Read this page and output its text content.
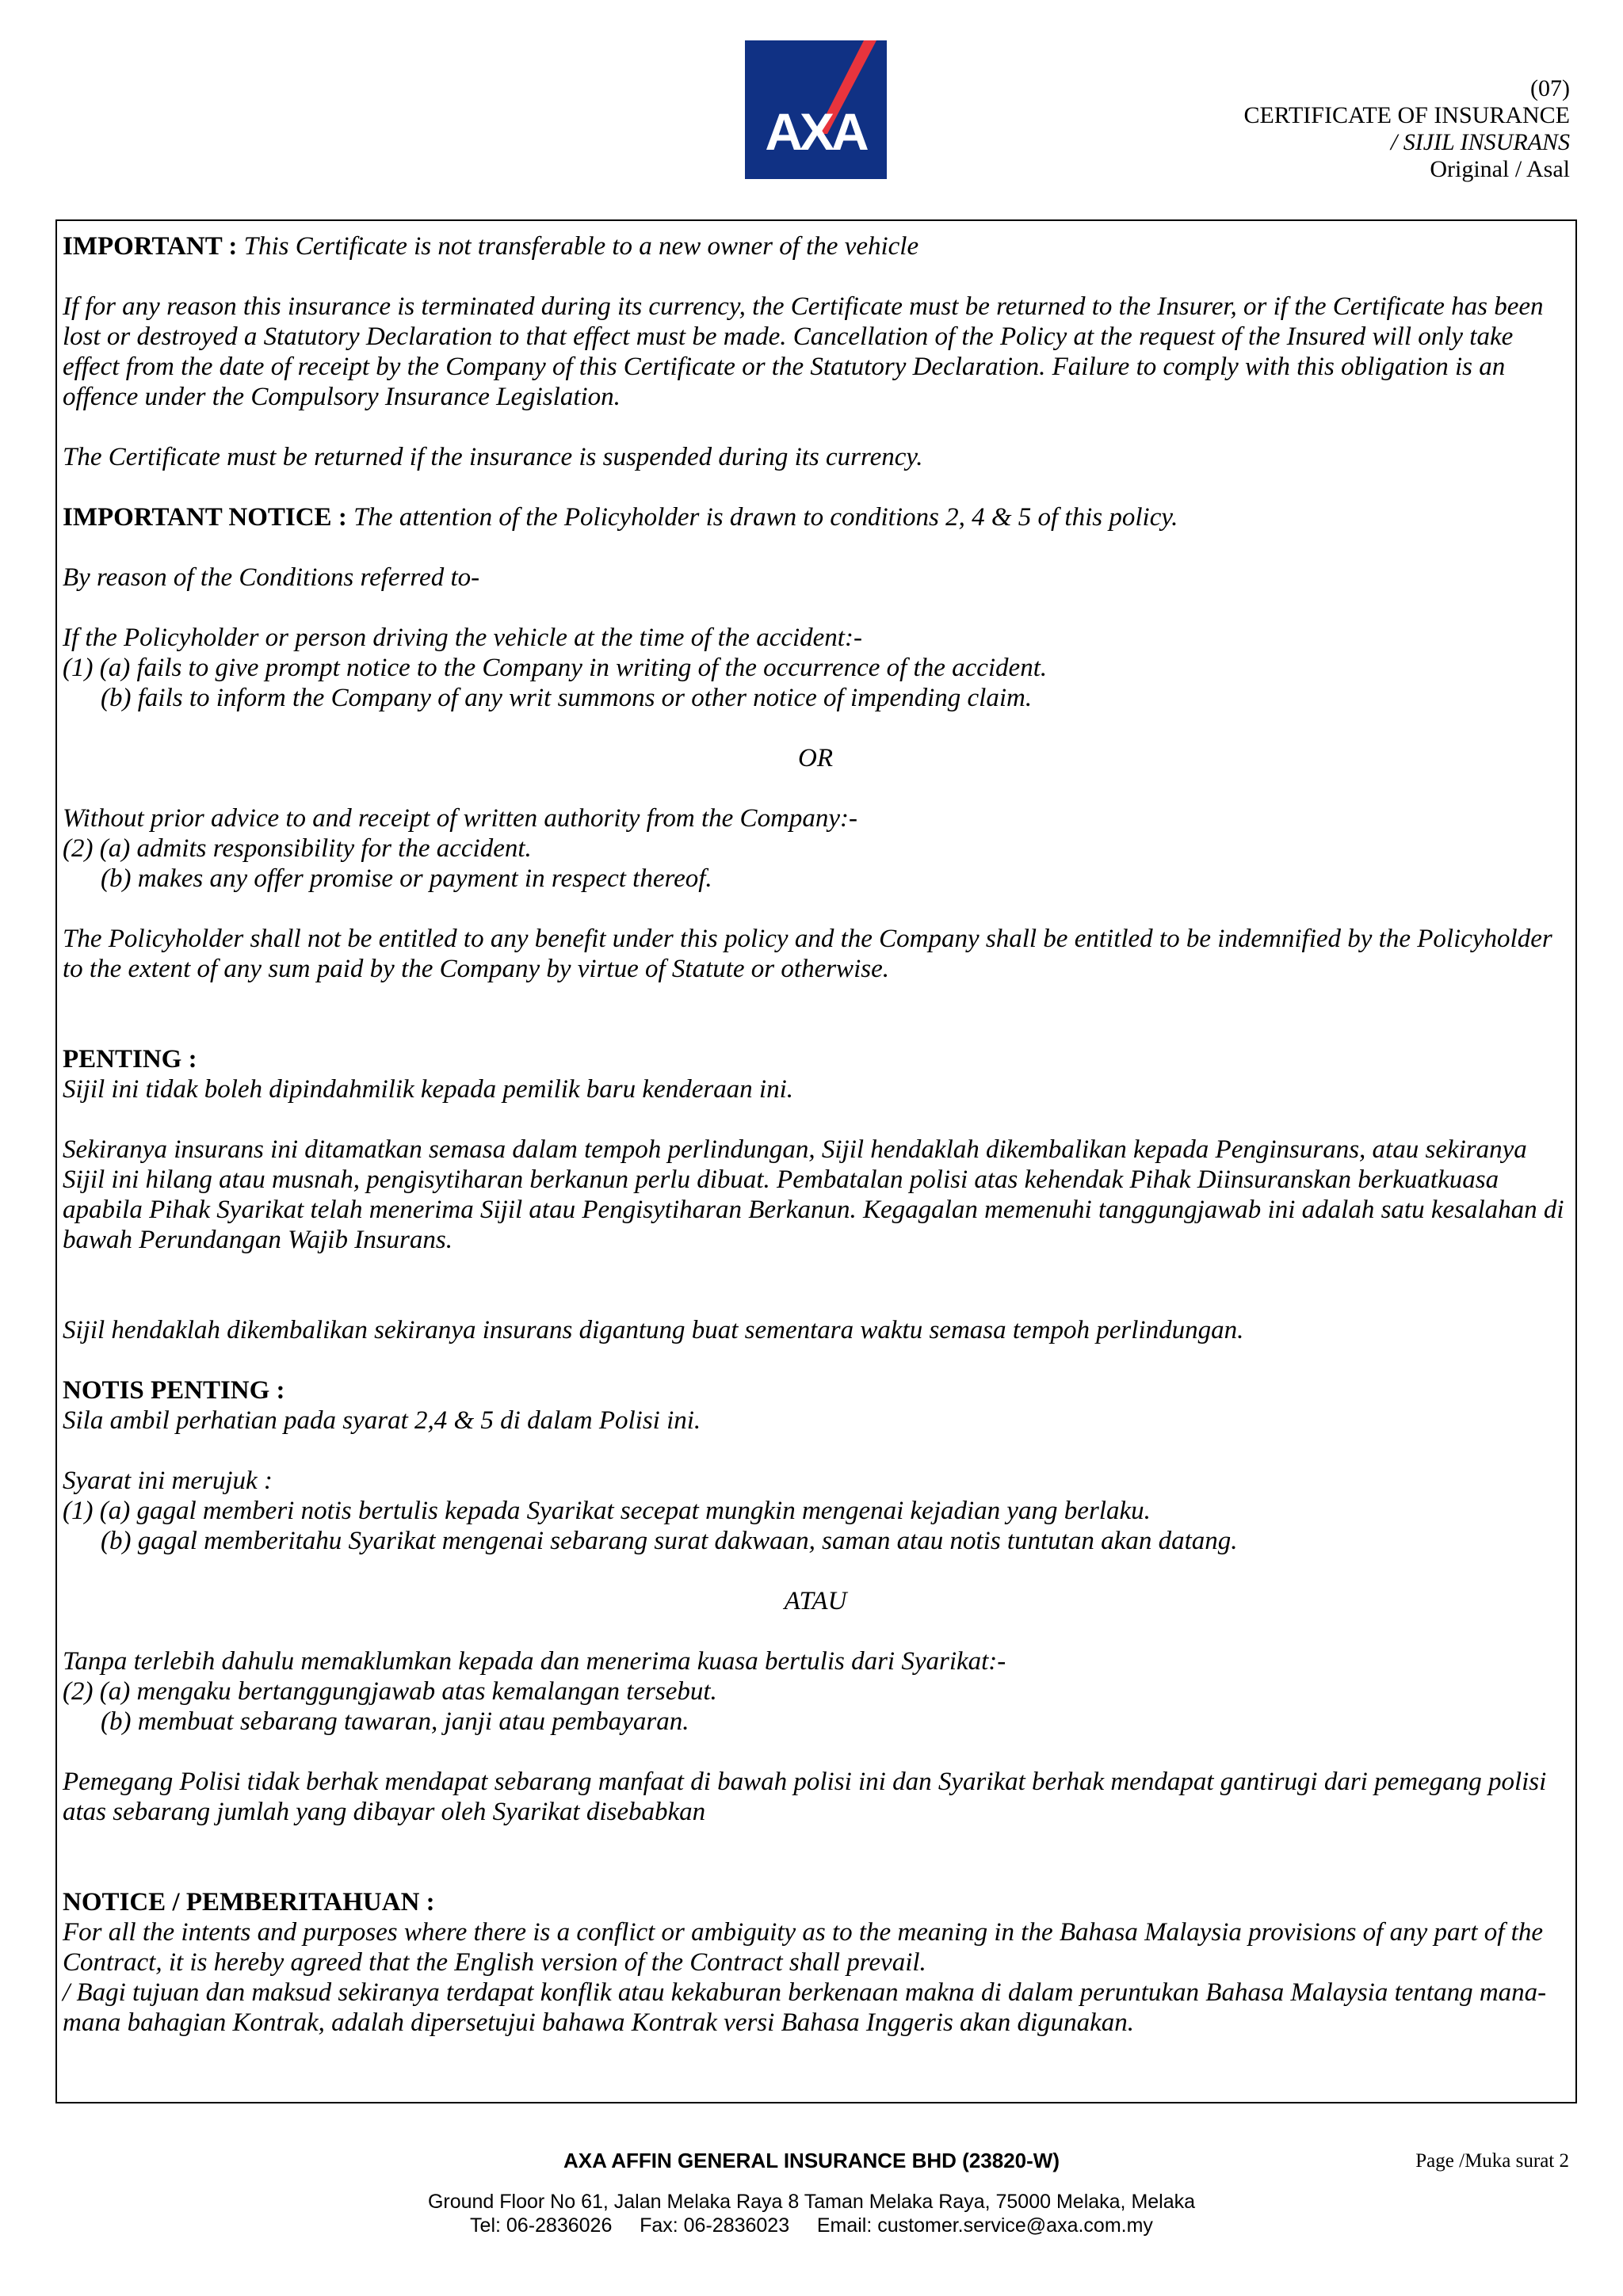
AXA
(07)
CERTIFICATE OF INSURANCE
/ SIJIL INSURANS
Original / Asal

IMPORTANT : This Certificate is not transferable to a new owner of the vehicle

If for any reason this insurance is terminated during its currency, the Certificate must be returned to the Insurer, or if the Certificate has been lost or destroyed a Statutory Declaration to that effect must be made. Cancellation of the Policy at the request of the Insured will only take effect from the date of receipt by the Company of this Certificate or the Statutory Declaration. Failure to comply with this obligation is an offence under the Compulsory Insurance Legislation.

The Certificate must be returned if the insurance is suspended during its currency.

IMPORTANT NOTICE : The attention of the Policyholder is drawn to conditions 2, 4 & 5 of this policy.

By reason of the Conditions referred to-

If the Policyholder or person driving the vehicle at the time of the accident:-

(1) (a) fails to give prompt notice to the Company in writing of the occurrence of the accident.

(b) fails to inform the Company of any writ summons or other notice of impending claim.

OR

Without prior advice to and receipt of written authority from the Company:-

(2) (a) admits responsibility for the accident.

(b) makes any offer promise or payment in respect thereof.

The Policyholder shall not be entitled to any benefit under this policy and the Company shall be entitled to be indemnified by the Policyholder to the extent of any sum paid by the Company by virtue of Statute or otherwise.

PENTING :

Sijil ini tidak boleh dipindahmilik kepada pemilik baru kenderaan ini.

Sekiranya insurans ini ditamatkan semasa dalam tempoh perlindungan, Sijil hendaklah dikembalikan kepada Penginsurans, atau sekiranya Sijil ini hilang atau musnah, pengisytiharan berkanun perlu dibuat. Pembatalan polisi atas kehendak Pihak Diinsuranskan berkuatkuasa apabila Pihak Syarikat telah menerima Sijil atau Pengisytiharan Berkanun. Kegagalan memenuhi tanggungjawab ini adalah satu kesalahan di bawah Perundangan Wajib Insurans.

Sijil hendaklah dikembalikan sekiranya insurans digantung buat sementara waktu semasa tempoh perlindungan.

NOTIS PENTING :

Sila ambil perhatian pada syarat 2,4 & 5 di dalam Polisi ini.

Syarat ini merujuk :

(1) (a) gagal memberi notis bertulis kepada Syarikat secepat mungkin mengenai kejadian yang berlaku.

(b) gagal memberitahu Syarikat mengenai sebarang surat dakwaan, saman atau notis tuntutan akan datang.

ATAU

Tanpa terlebih dahulu memaklumkan kepada dan menerima kuasa bertulis dari Syarikat:-

(2) (a) mengaku bertanggungjawab atas kemalangan tersebut.

(b) membuat sebarang tawaran, janji atau pembayaran.

Pemegang Polisi tidak berhak mendapat sebarang manfaat di bawah polisi ini dan Syarikat berhak mendapat gantirugi dari pemegang polisi atas sebarang jumlah yang dibayar oleh Syarikat disebabkan

NOTICE / PEMBERITAHUAN :

For all the intents and purposes where there is a conflict or ambiguity as to the meaning in the Bahasa Malaysia provisions of any part of the Contract, it is hereby agreed that the English version of the Contract shall prevail.

/ Bagi tujuan dan maksud sekiranya terdapat konflik atau kekaburan berkenaan makna di dalam peruntukan Bahasa Malaysia tentang mana-mana bahagian Kontrak, adalah dipersetujui bahawa Kontrak versi Bahasa Inggeris akan digunakan.

AXA AFFIN GENERAL INSURANCE BHD (23820-W)
Ground Floor No 61, Jalan Melaka Raya 8 Taman Melaka Raya, 75000 Melaka, Melaka
Tel: 06-2836026     Fax: 06-2836023     Email: customer.service@axa.com.my
Page /Muka surat 2
